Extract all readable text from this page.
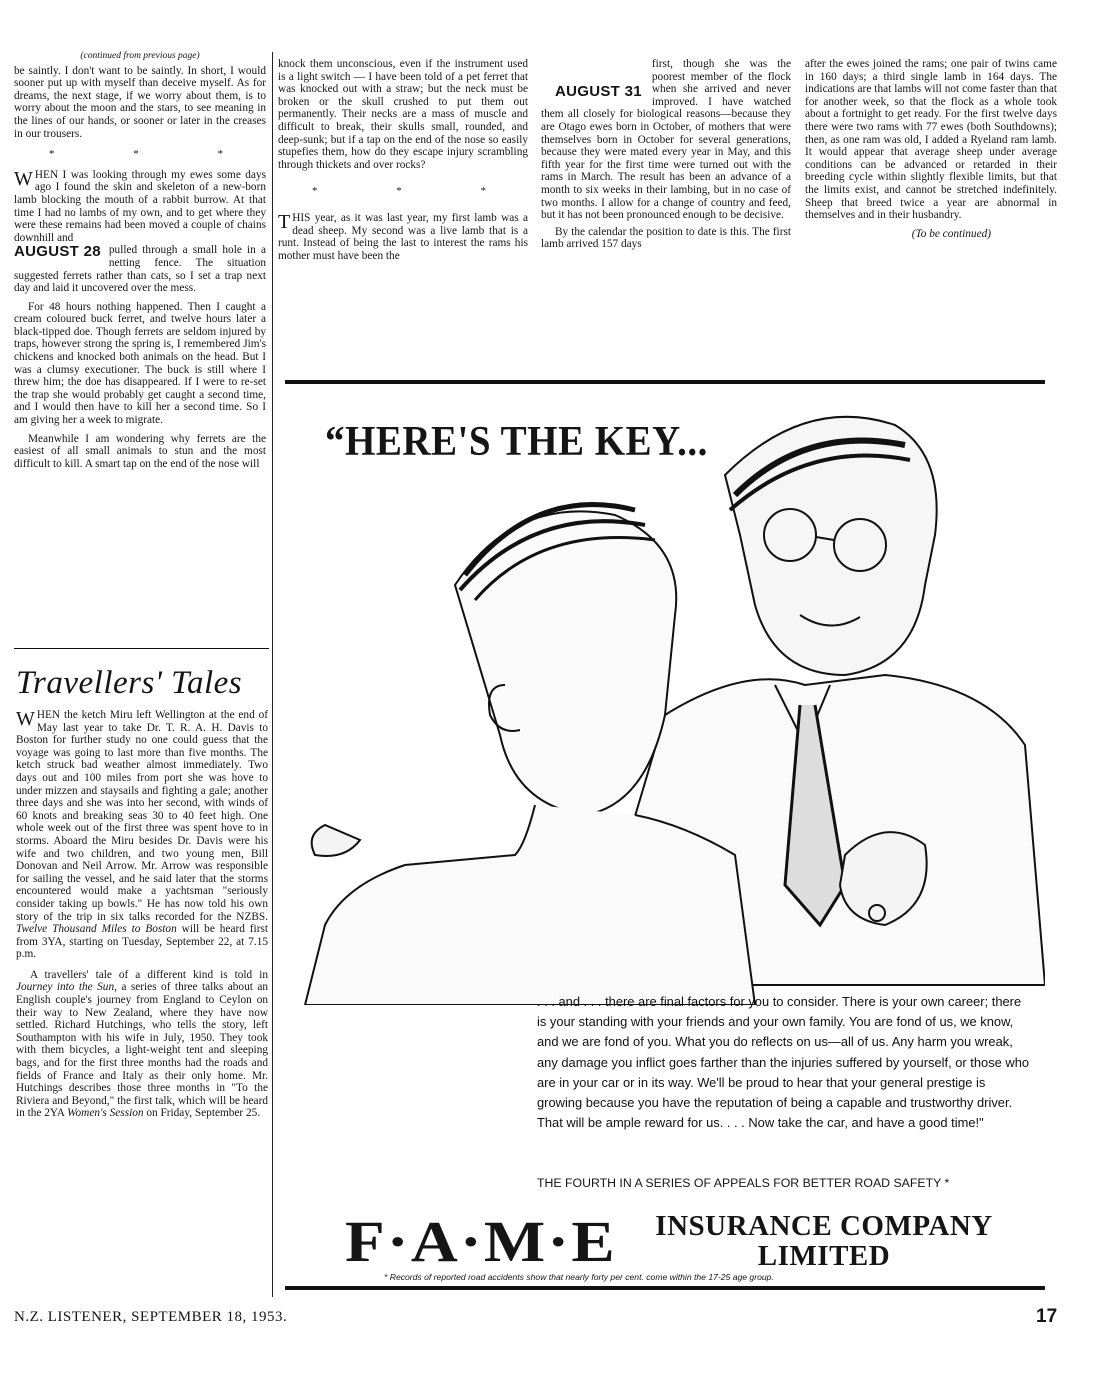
(continued from previous page)

be saintly. I don't want to be saintly. In short, I would sooner put up with myself than deceive myself. As for dreams, the next stage, if we worry about them, is to worry about the moon and the stars, to see meaning in the lines of our hands, or sooner or later in the creases in our trousers.

* * *

WHEN I was looking through my ewes some days ago I found the skin and skeleton of a new-born lamb blocking the mouth of a rabbit burrow. At that time I had no lambs of my own, and to get where they were these remains had been moved a couple of chains downhill and

AUGUST 28 pulled through a small hole in a netting fence. The situation suggested ferrets rather than cats, so I set a trap next day and laid it uncovered over the mess.

For 48 hours nothing happened. Then I caught a cream coloured buck ferret, and twelve hours later a black-tipped doe. Though ferrets are seldom injured by traps, however strong the spring is, I remembered Jim's chickens and knocked both animals on the head. But I was a clumsy executioner. The buck is still where I threw him; the doe has disappeared. If I were to re-set the trap she would probably get caught a second time, and I would then have to kill her a second time. So I am giving her a week to migrate.

Meanwhile I am wondering why ferrets are the easiest of all small animals to stun and the most difficult to kill. A smart tap on the end of the nose will

Travellers' Tales

WHEN the ketch Miru left Wellington at the end of May last year to take Dr. T. R. A. H. Davis to Boston for further study no one could guess that the voyage was going to last more than five months. The ketch struck bad weather almost immediately. Two days out and 100 miles from port she was hove to under mizzen and staysails and fighting a gale; another three days and she was into her second, with winds of 60 knots and breaking seas 30 to 40 feet high. One whole week out of the first three was spent hove to in storms. Aboard the Miru besides Dr. Davis were his wife and two children, and two young men, Bill Donovan and Neil Arrow. Mr. Arrow was responsible for sailing the vessel, and he said later that the storms encountered would make a yachtsman "seriously consider taking up bowls." He has now told his own story of the trip in six talks recorded for the NZBS. Twelve Thousand Miles to Boston will be heard first from 3YA, starting on Tuesday, September 22, at 7.15 p.m.

A travellers' tale of a different kind is told in Journey into the Sun, a series of three talks about an English couple's journey from England to Ceylon on their way to New Zealand, where they have now settled. Richard Hutchings, who tells the story, left Southampton with his wife in July, 1950. They took with them bicycles, a light-weight tent and sleeping bags, and for the first three months had the roads and fields of France and Italy as their only home. Mr. Hutchings describes those three months in "To the Riviera and Beyond," the first talk, which will be heard in the 2YA Women's Session on Friday, September 25.

knock them unconscious, even if the instrument used is a light switch — I have been told of a pet ferret that was knocked out with a straw; but the neck must be broken or the skull crushed to put them out permanently. Their necks are a mass of muscle and difficult to break, their skulls small, rounded, and deep-sunk; but if a tap on the end of the nose so easily stupefies them, how do they escape injury scrambling through thickets and over rocks?

* * *

THIS year, as it was last year, my first lamb was a dead sheep. My second was a live lamb that is a runt. Instead of being the last to interest the rams his mother must have been the

AUGUST 31
first, though she was the poorest member of the flock when she arrived and never improved. I have watched them all closely for biological reasons—because they are Otago ewes born in October, of mothers that were themselves born in October for several generations, because they were mated every year in May, and this fifth year for the first time were turned out with the rams in March. The result has been an advance of a month to six weeks in their lambing, but in no case of two months. I allow for a change of country and feed, but it has not been pronounced enough to be decisive.

By the calendar the position to date is this. The first lamb arrived 157 days

after the ewes joined the rams; one pair of twins came in 160 days; a third single lamb in 164 days. The indications are that lambs will not come faster than that for another week, so that the flock as a whole took about a fortnight to get ready. For the first twelve days there were two rams with 77 ewes (both Southdowns); then, as one ram was old, I added a Ryeland ram lamb. It would appear that average sheep under average conditions can be advanced or retarded in their breeding cycle within slightly flexible limits, but that the limits exist, and cannot be stretched indefinitely. Sheep that breed twice a year are abnormal in themselves and in their husbandry.

(To be continued)
“HERE'S THE KEY...
. . . and . . . there are final factors for you to consider. There is your own career; there is your standing with your friends and your own family. You are fond of us, we know, and we are fond of you. What you do reflects on us—all of us. Any harm you wreak, any damage you inflict goes farther than the injuries suffered by yourself, or those who are in your car or in its way. We'll be proud to hear that your general prestige is growing because you have the reputation of being a capable and trustworthy driver. That will be ample reward for us. . . . Now take the car, and have a good time!"
THE FOURTH IN A SERIES OF APPEALS FOR BETTER ROAD SAFETY *
F·A·M·E	INSURANCE COMPANY
LIMITED
* Records of reported road accidents show that nearly forty per cent. come within the 17-25 age group.
N.Z. LISTENER, SEPTEMBER 18, 1953.	17
